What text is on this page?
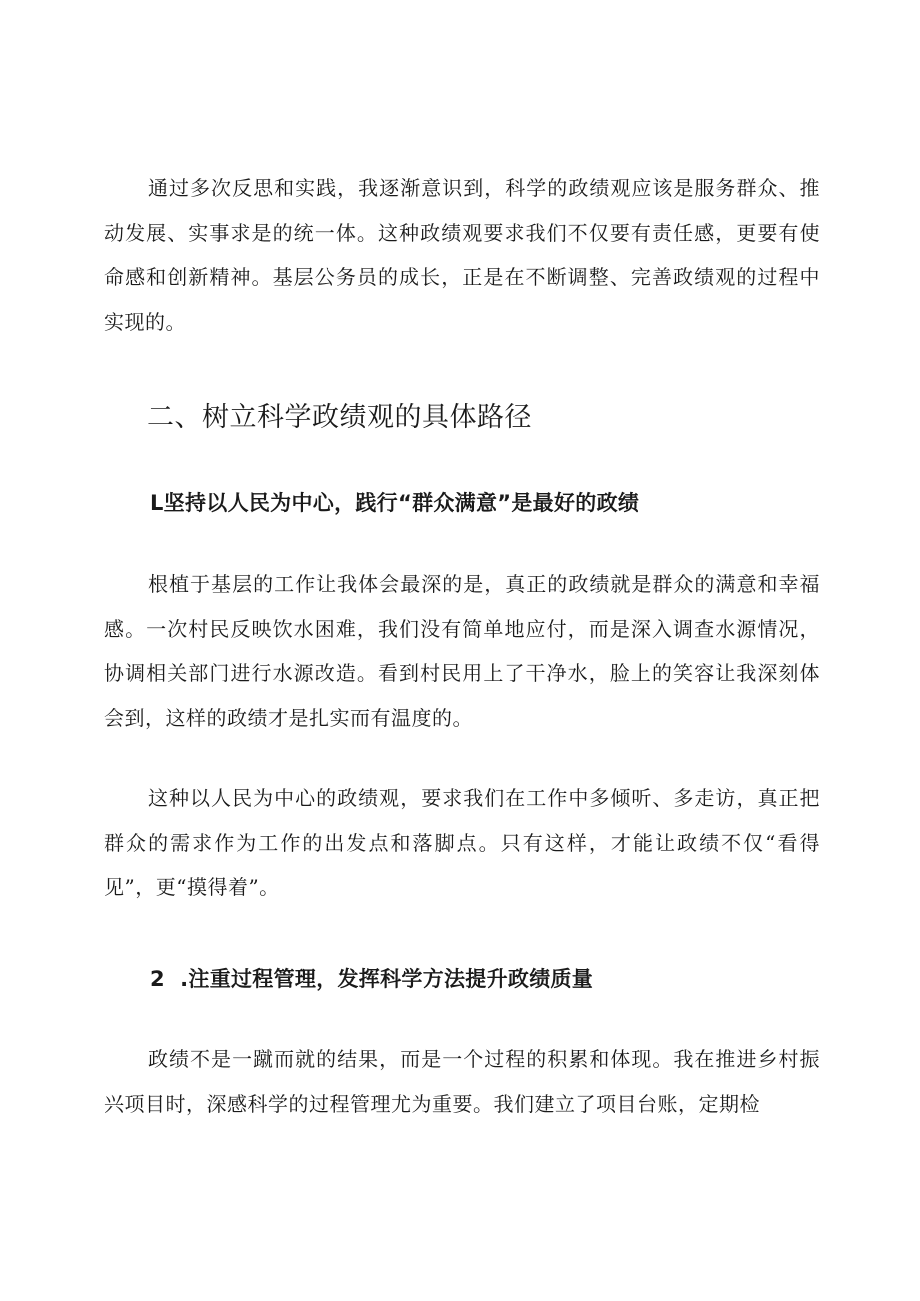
通过多次反思和实践，我逐渐意识到，科学的政绩观应该是服务群众、推动发展、实事求是的统一体。这种政绩观要求我们不仅要有责任感，更要有使命感和创新精神。基层公务员的成长，正是在不断调整、完善政绩观的过程中实现的。

二、树立科学政绩观的具体路径
L坚持以人民为中心，践行“群众满意”是最好的政绩

根植于基层的工作让我体会最深的是，真正的政绩就是群众的满意和幸福感。一次村民反映饮水困难，我们没有简单地应付，而是深入调查水源情况，协调相关部门进行水源改造。看到村民用上了干净水，脸上的笑容让我深刻体会到，这样的政绩才是扎实而有温度的。

这种以人民为中心的政绩观，要求我们在工作中多倾听、多走访，真正把群众的需求作为工作的出发点和落脚点。只有这样，才能让政绩不仅“看得见”，更“摸得着”。

2  .注重过程管理，发挥科学方法提升政绩质量

政绩不是一蹴而就的结果，而是一个过程的积累和体现。我在推进乡村振兴项目时，深感科学的过程管理尤为重要。我们建立了项目台账，定期检
